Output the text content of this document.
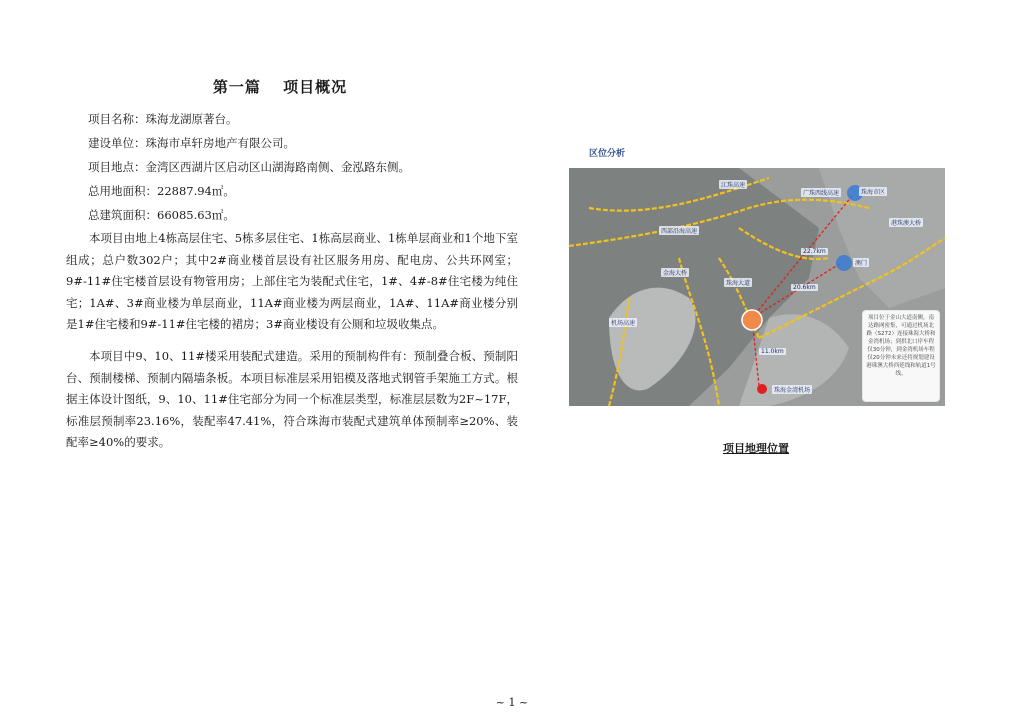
第一篇　 项目概况
项目名称：珠海龙湖原著台。
建设单位：珠海市卓轩房地产有限公司。
项目地点：金湾区西湖片区启动区山湖海路南侧、金泓路东侧。
总用地面积：22887.94㎡。
总建筑面积：66085.63㎡。
本项目由地上4栋高层住宅、5栋多层住宅、1栋高层商业、1栋单层商业和1个地下室组成；总户数302户；其中2#商业楼首层设有社区服务用房、配电房、公共环网室；9#-11#住宅楼首层设有物管用房；上部住宅为装配式住宅，1#、4#-8#住宅楼为纯住宅；1A#、3#商业楼为单层商业，11A#商业楼为两层商业，1A#、11A#商业楼分别是1#住宅楼和9#-11#住宅楼的裙房；3#商业楼设有公厕和垃圾收集点。
本项目中9、10、11#楼采用装配式建造。采用的预制构件有：预制叠合板、预制阳台、预制楼梯、预制内隔墙条板。本项目标准层采用铝模及落地式钢管手架施工方式。根据主体设计图纸，9、10、11#住宅部分为同一个标准层类型，标准层层数为2F~17F，标准层预制率23.16%，装配率47.41%，符合珠海市装配式建筑单体预制率≥20%、装配率≥40%的要求。
区位分析
珠海市区
澳门
珠海金湾机场
港珠澳大桥
江珠高速
西部沿海高速
广珠西线高速
珠海大道
金海大桥
机场高速
22.7km
20.6km
11.0km
项目位于金山大道南侧，南达路网密集，可通过机场北路（S272）连接珠海大桥和金湾机场；到拱北口岸车程仅30分钟，到金湾机场车程仅20分钟未来还将规划建设港珠澳大桥西延线和轨道1号线。
项目地理位置
~ 1 ~
